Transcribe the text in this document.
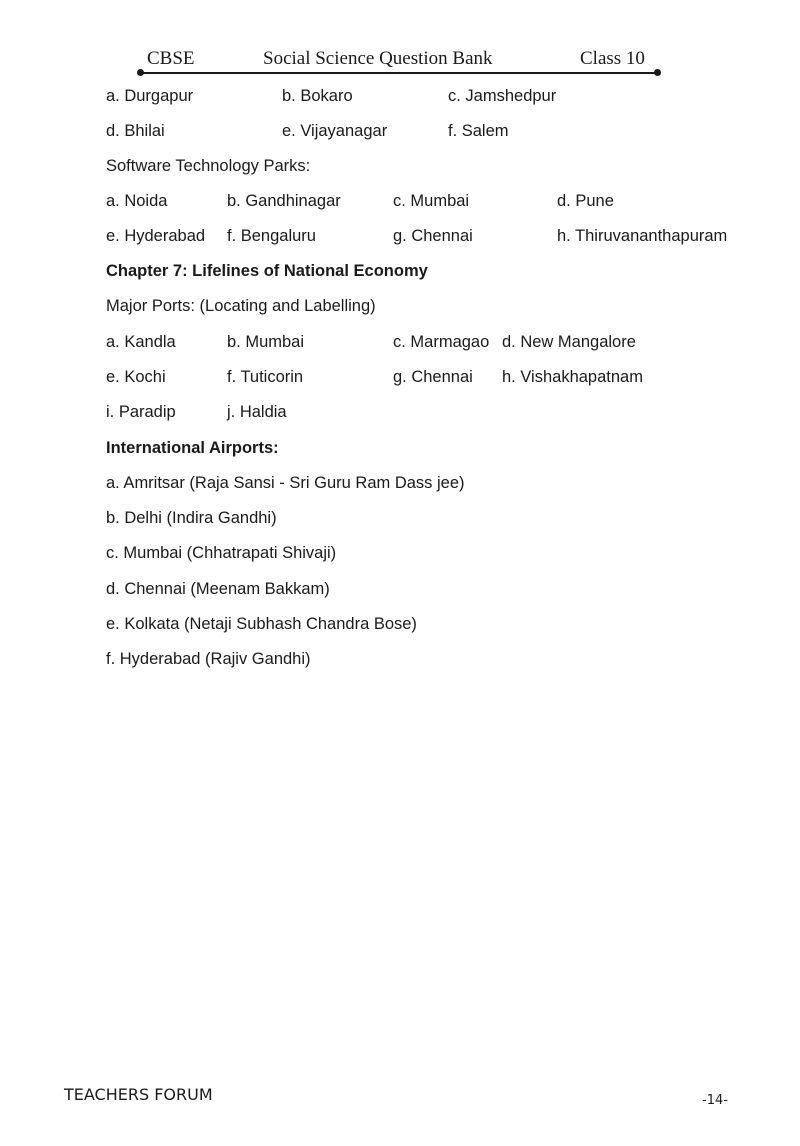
CBSE	Social Science Question Bank	Class 10
a. Durgapur	b. Bokaro	c. Jamshedpur
d. Bhilai	e. Vijayanagar	f. Salem
Software Technology Parks:
a. Noida	b. Gandhinagar	c. Mumbai	d. Pune
e. Hyderabad f. Bengaluru	g. Chennai	h. Thiruvananthapuram
Chapter 7: Lifelines of National Economy
Major Ports: (Locating and Labelling)
a. Kandla	b. Mumbai	c. Marmagao d. New Mangalore
e. Kochi	f. Tuticorin	g. Chennai h. Vishakhapatnam
i. Paradip	j. Haldia
International Airports:
a. Amritsar (Raja Sansi - Sri Guru Ram Dass jee)
b. Delhi (Indira Gandhi)
c. Mumbai (Chhatrapati Shivaji)
d. Chennai (Meenam Bakkam)
e. Kolkata (Netaji Subhash Chandra Bose)
f. Hyderabad (Rajiv Gandhi)
TEACHERS FORUM	-14-
